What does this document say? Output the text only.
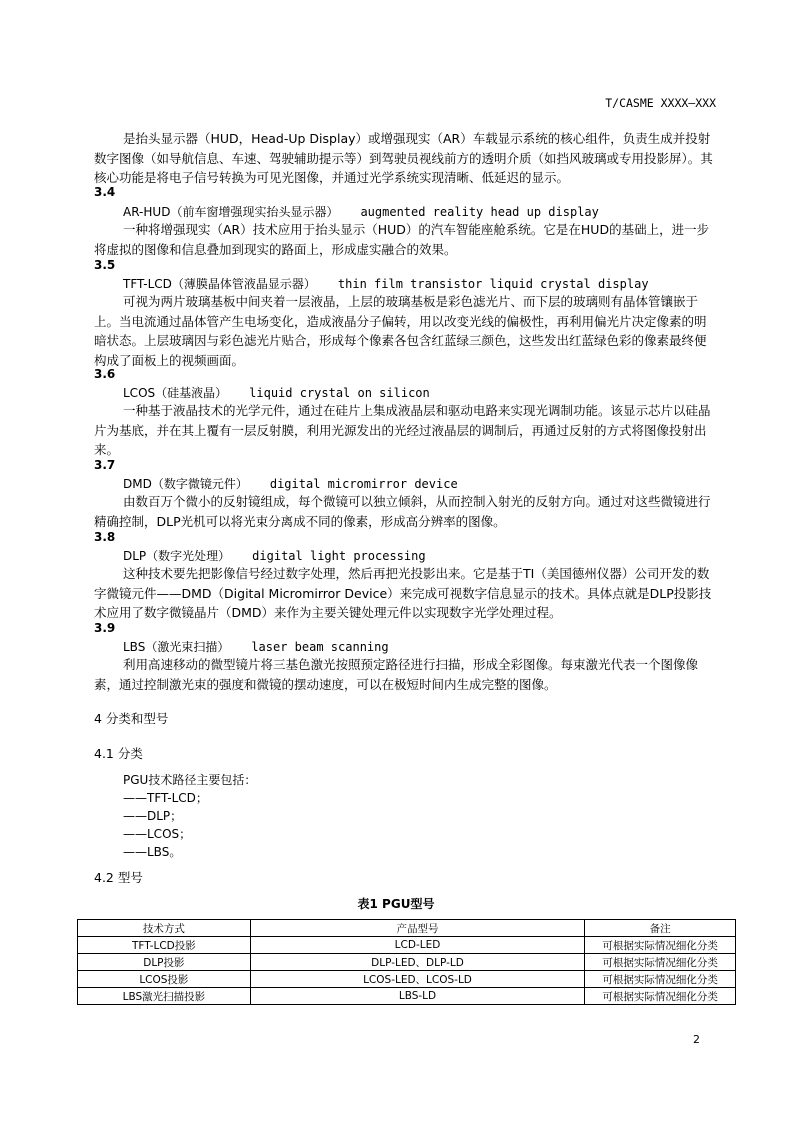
T/CASME XXXX—XXX
是抬头显示器（HUD，Head-Up Display）或增强现实（AR）车载显示系统的核心组件，负责生成并投射数字图像（如导航信息、车速、驾驶辅助提示等）到驾驶员视线前方的透明介质（如挡风玻璃或专用投影屏）。其核心功能是将电子信号转换为可见光图像，并通过光学系统实现清晰、低延迟的显示。
3.4
AR-HUD（前车窗增强现实抬头显示器） augmented reality head up display
一种将增强现实（AR）技术应用于抬头显示（HUD）的汽车智能座舱系统。它是在HUD的基础上，进一步将虚拟的图像和信息叠加到现实的路面上，形成虚实融合的效果。
3.5
TFT-LCD（薄膜晶体管液晶显示器） thin film transistor liquid crystal display
可视为两片玻璃基板中间夹着一层液晶，上层的玻璃基板是彩色滤光片、而下层的玻璃则有晶体管镶嵌于上。当电流通过晶体管产生电场变化，造成液晶分子偏转，用以改变光线的偏极性，再利用偏光片决定像素的明暗状态。上层玻璃因与彩色滤光片贴合，形成每个像素各包含红蓝绿三颜色，这些发出红蓝绿色彩的像素最终便构成了面板上的视频画面。
3.6
LCOS（硅基液晶） liquid crystal on silicon
一种基于液晶技术的光学元件，通过在硅片上集成液晶层和驱动电路来实现光调制功能。该显示芯片以硅晶片为基底，并在其上覆有一层反射膜，利用光源发出的光经过液晶层的调制后，再通过反射的方式将图像投射出来。
3.7
DMD（数字微镜元件） digital micromirror device
由数百万个微小的反射镜组成，每个微镜可以独立倾斜，从而控制入射光的反射方向。通过对这些微镜进行精确控制，DLP光机可以将光束分离成不同的像素，形成高分辨率的图像。
3.8
DLP（数字光处理） digital light processing
这种技术要先把影像信号经过数字处理，然后再把光投影出来。它是基于TI（美国德州仪器）公司开发的数字微镜元件——DMD（Digital Micromirror Device）来完成可视数字信息显示的技术。具体点就是DLP投影技术应用了数字微镜晶片（DMD）来作为主要关键处理元件以实现数字光学处理过程。
3.9
LBS（激光束扫描） laser beam scanning
利用高速移动的微型镜片将三基色激光按照预定路径进行扫描，形成全彩图像。每束激光代表一个图像像素，通过控制激光束的强度和微镜的摆动速度，可以在极短时间内生成完整的图像。
4 分类和型号
4.1 分类
PGU技术路径主要包括：
——TFT-LCD；
——DLP；
——LCOS；
——LBS。
4.2 型号
表1 PGU型号
技术方式	产品型号	备注
TFT-LCD投影	LCD-LED	可根据实际情况细化分类
DLP投影	DLP-LED、DLP-LD	可根据实际情况细化分类
LCOS投影	LCOS-LED、LCOS-LD	可根据实际情况细化分类
LBS激光扫描投影	LBS-LD	可根据实际情况细化分类
2
